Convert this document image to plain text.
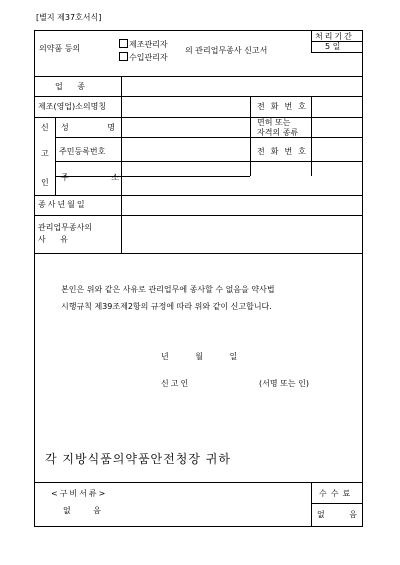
[별지 제37호서식]
의약품 등의	제조관리자
수입관리자
의 관리업무종사 신고서
처리기간
5 일
업 종
제조(영업)소의명칭	전화번호
신
고
인
성 명
면허 또는
자격의 종류
주민등록번호	전화번호
주 소
종사년월일
관리업무종사의
사 유
본인은 위와 같은 사유로 관리업무에 종사할 수 없음을 약사법
시행규칙 제39조제2항의 규정에 따라 위와 같이 신고합니다.
년 월 일
신고인	(서명 또는 인)
각 지방식품의약품안전청장 귀하
<구비서류>
없 음
수수료
없 음
